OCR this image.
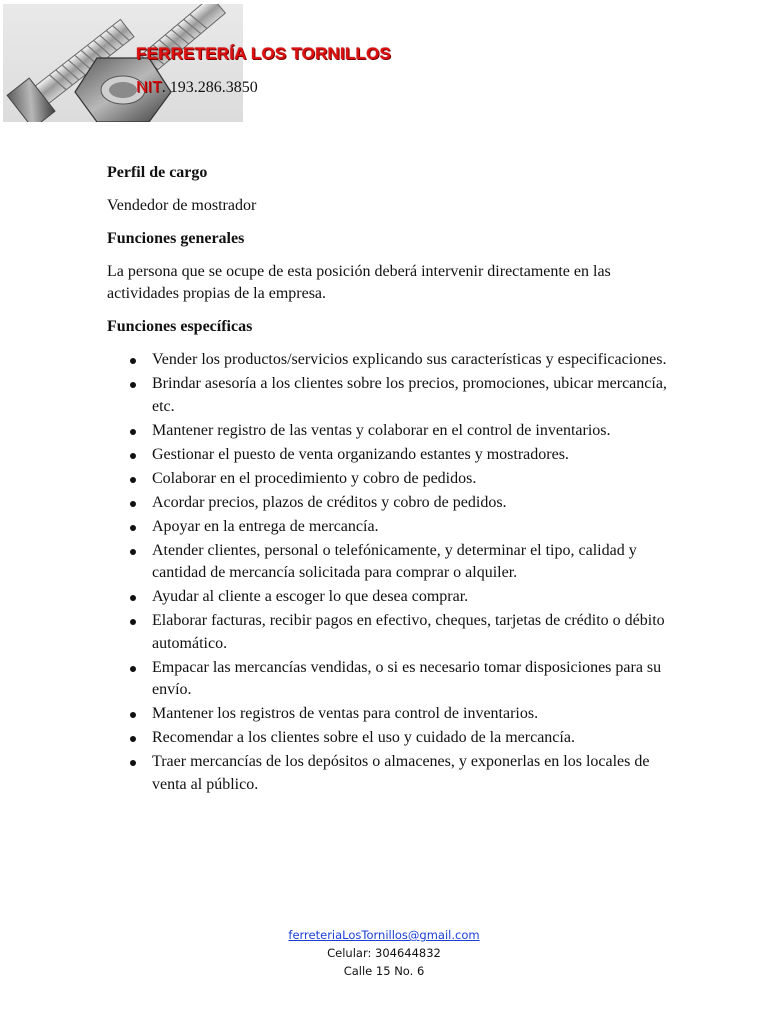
FERRETERÍA LOS TORNILLOS
NIT. 193.286.3850

Perfil de cargo

Vendedor de mostrador

Funciones generales

La persona que se ocupe de esta posición deberá intervenir directamente en las actividades propias de la empresa.

Funciones específicas

Vender los productos/servicios explicando sus características y especificaciones.
Brindar asesoría a los clientes sobre los precios, promociones, ubicar mercancía, etc.
Mantener registro de las ventas y colaborar en el control de inventarios.
Gestionar el puesto de venta organizando estantes y mostradores.
Colaborar en el procedimiento y cobro de pedidos.
Acordar precios, plazos de créditos y cobro de pedidos.
Apoyar en la entrega de mercancía.
Atender clientes, personal o telefónicamente, y determinar el tipo, calidad y cantidad de mercancía solicitada para comprar o alquiler.
Ayudar al cliente a escoger lo que desea comprar.
Elaborar facturas, recibir pagos en efectivo, cheques, tarjetas de crédito o débito automático.
Empacar las mercancías vendidas, o si es necesario tomar disposiciones para su envío.
Mantener los registros de ventas para control de inventarios.
Recomendar a los clientes sobre el uso y cuidado de la mercancía.
Traer mercancías de los depósitos o almacenes, y exponerlas en los locales de venta al público.
ferreteriaLosTornillos@gmail.com
Celular: 304644832
Calle 15 No. 6
